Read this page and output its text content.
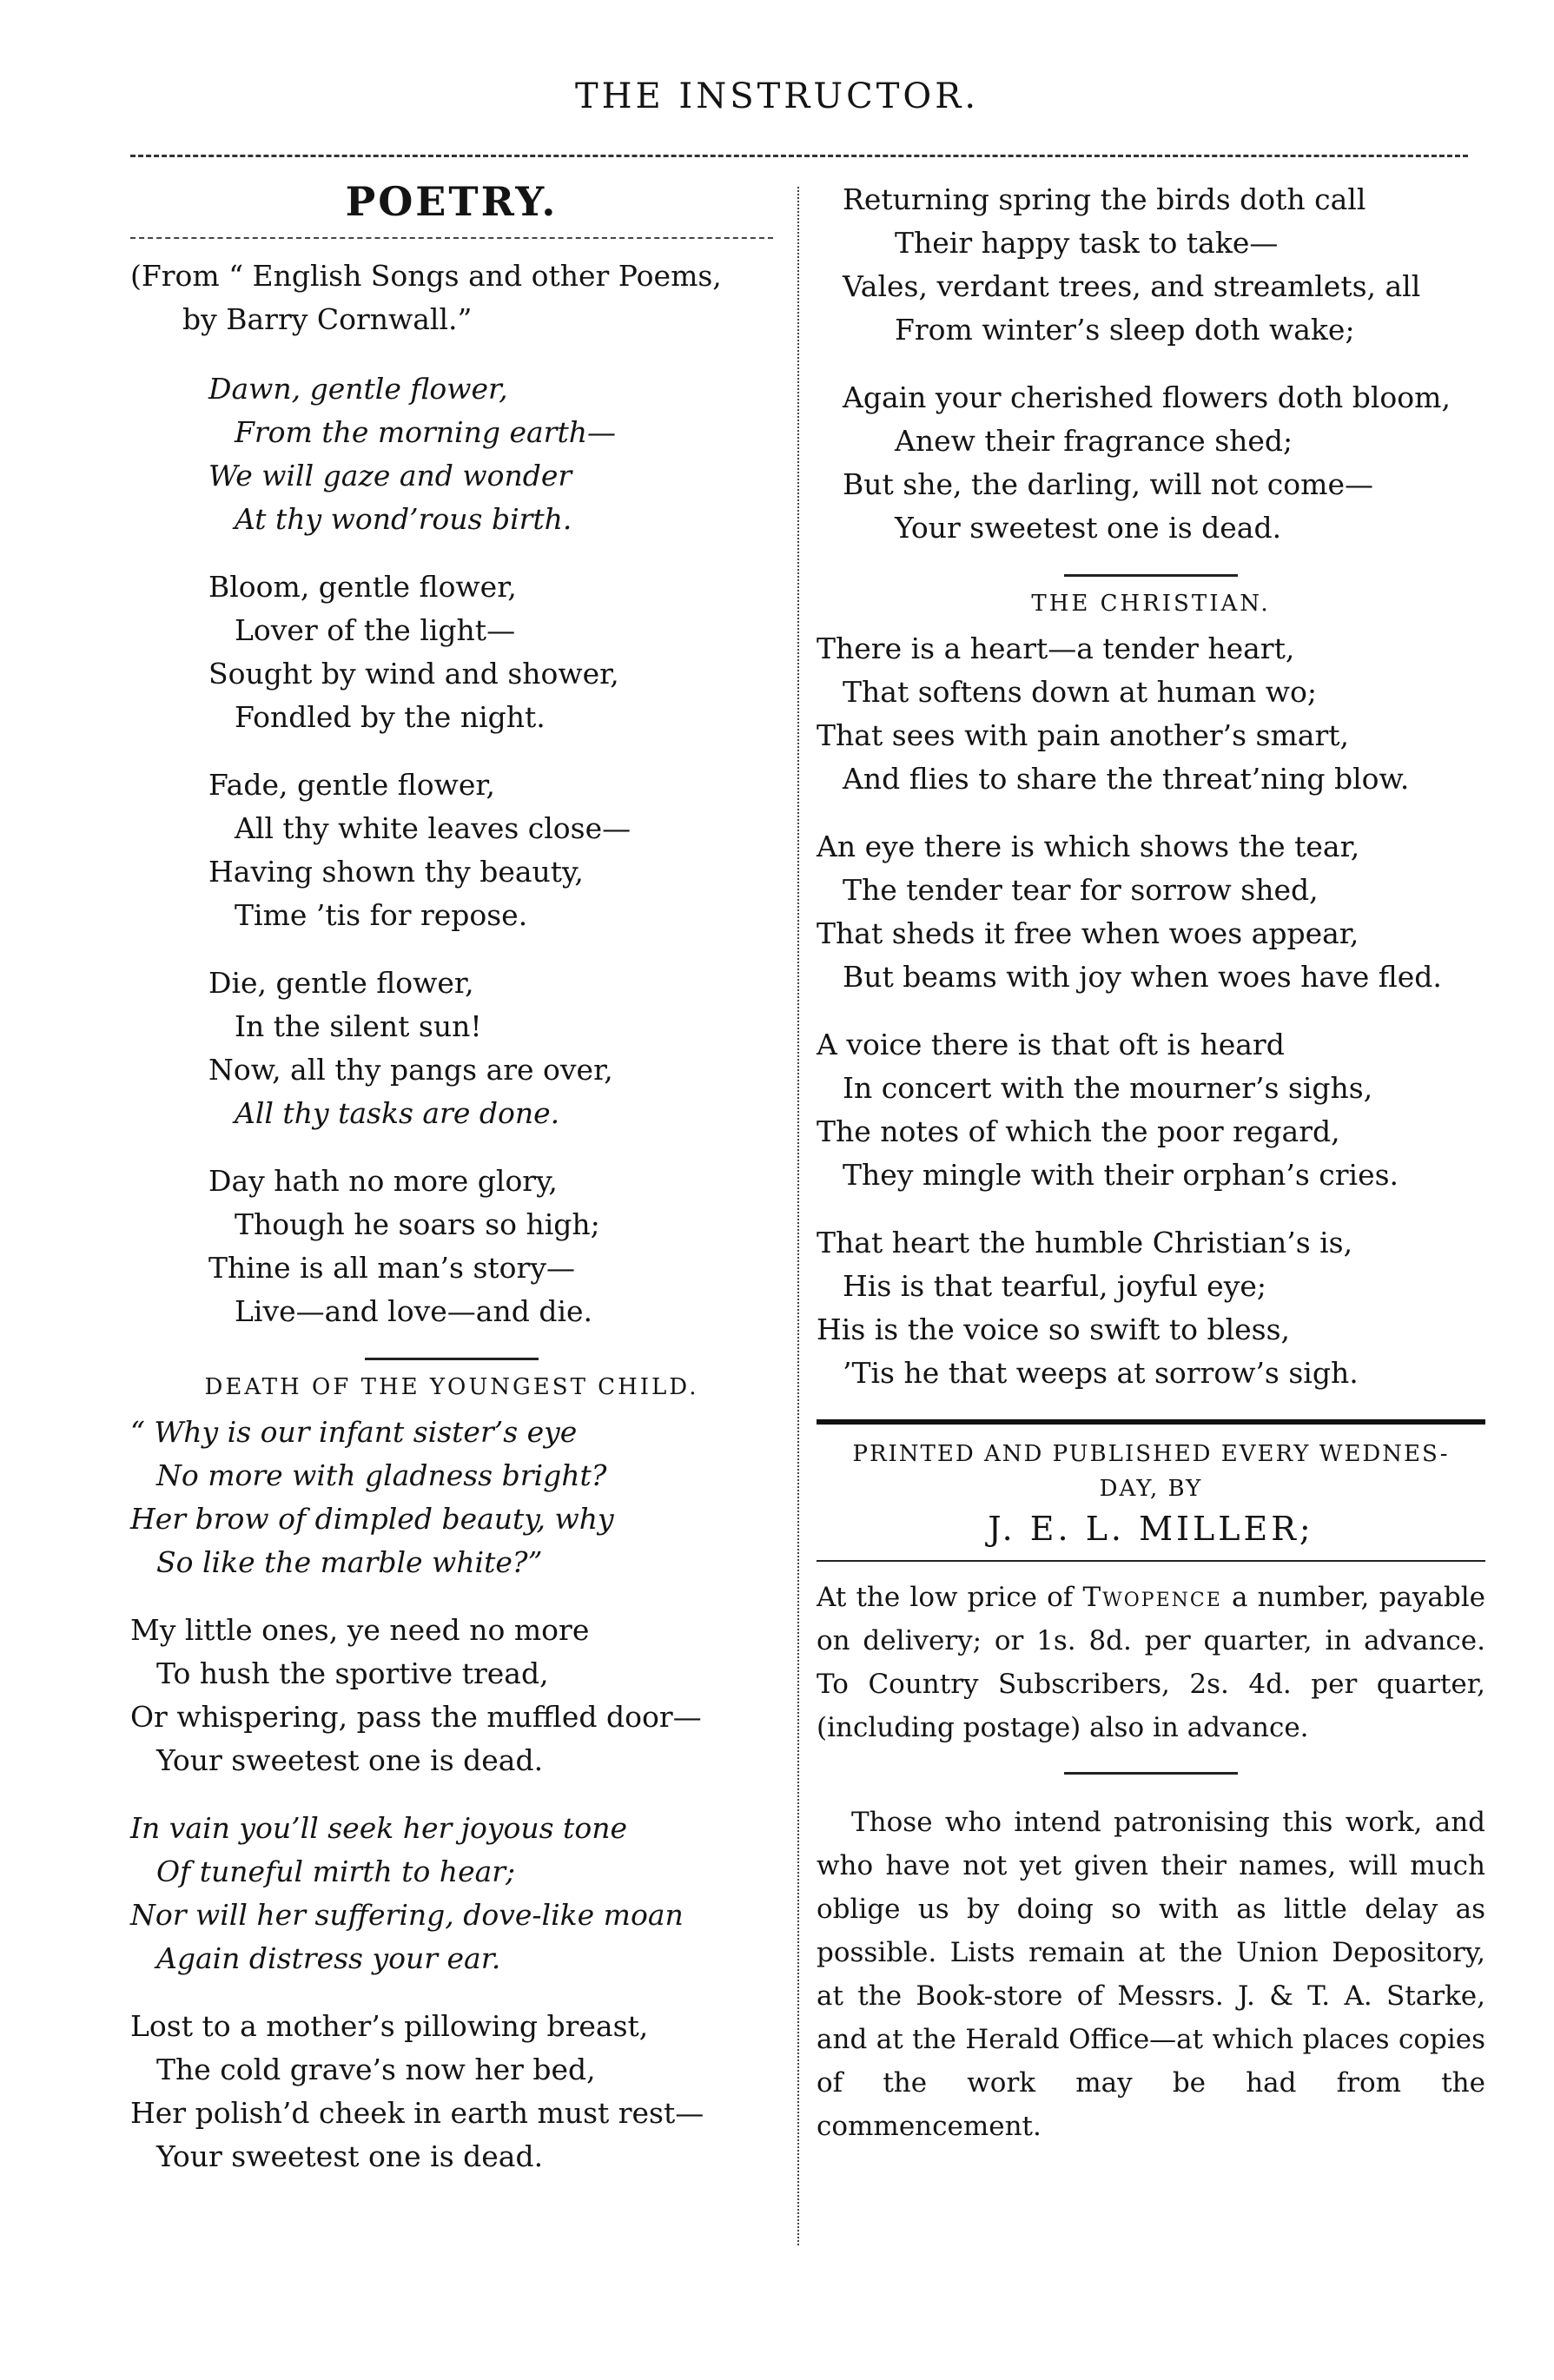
THE INSTRUCTOR.
POETRY.
(From “ English Songs and other Poems,
by Barry Cornwall.”
Dawn, gentle flower,
From the morning earth—
We will gaze and wonder
At thy wond’rous birth.
Bloom, gentle flower,
Lover of the light—
Sought by wind and shower,
Fondled by the night.
Fade, gentle flower,
All thy white leaves close—
Having shown thy beauty,
Time ’tis for repose.
Die, gentle flower,
In the silent sun!
Now, all thy pangs are over,
All thy tasks are done.
Day hath no more glory,
Though he soars so high;
Thine is all man’s story—
Live—and love—and die.
DEATH OF THE YOUNGEST CHILD.
“ Why is our infant sister’s eye
No more with gladness bright?
Her brow of dimpled beauty, why
So like the marble white?”
My little ones, ye need no more
To hush the sportive tread,
Or whispering, pass the muffled door—
Your sweetest one is dead.
In vain you’ll seek her joyous tone
Of tuneful mirth to hear;
Nor will her suffering, dove-like moan
Again distress your ear.
Lost to a mother’s pillowing breast,
The cold grave’s now her bed,
Her polish’d cheek in earth must rest—
Your sweetest one is dead.
Returning spring the birds doth call
Their happy task to take—
Vales, verdant trees, and streamlets, all
From winter’s sleep doth wake;
Again your cherished flowers doth bloom,
Anew their fragrance shed;
But she, the darling, will not come—
Your sweetest one is dead.
THE CHRISTIAN.
There is a heart—a tender heart,
That softens down at human wo;
That sees with pain another’s smart,
And flies to share the threat’ning blow.
An eye there is which shows the tear,
The tender tear for sorrow shed,
That sheds it free when woes appear,
But beams with joy when woes have fled.
A voice there is that oft is heard
In concert with the mourner’s sighs,
The notes of which the poor regard,
They mingle with their orphan’s cries.
That heart the humble Christian’s is,
His is that tearful, joyful eye;
His is the voice so swift to bless,
’Tis he that weeps at sorrow’s sigh.
PRINTED AND PUBLISHED EVERY WEDNES-
DAY, BY
J. E. L. MILLER;
At the low price of Twopence a number, payable on delivery; or 1s. 8d. per quarter, in advance. To Country Subscribers, 2s. 4d. per quarter, (including postage) also in advance.
Those who intend patronising this work, and who have not yet given their names, will much oblige us by doing so with as little delay as possible. Lists remain at the Union Depository, at the Book-store of Messrs. J. & T. A. Starke, and at the Herald Office—at which places copies of the work may be had from the commencement.
